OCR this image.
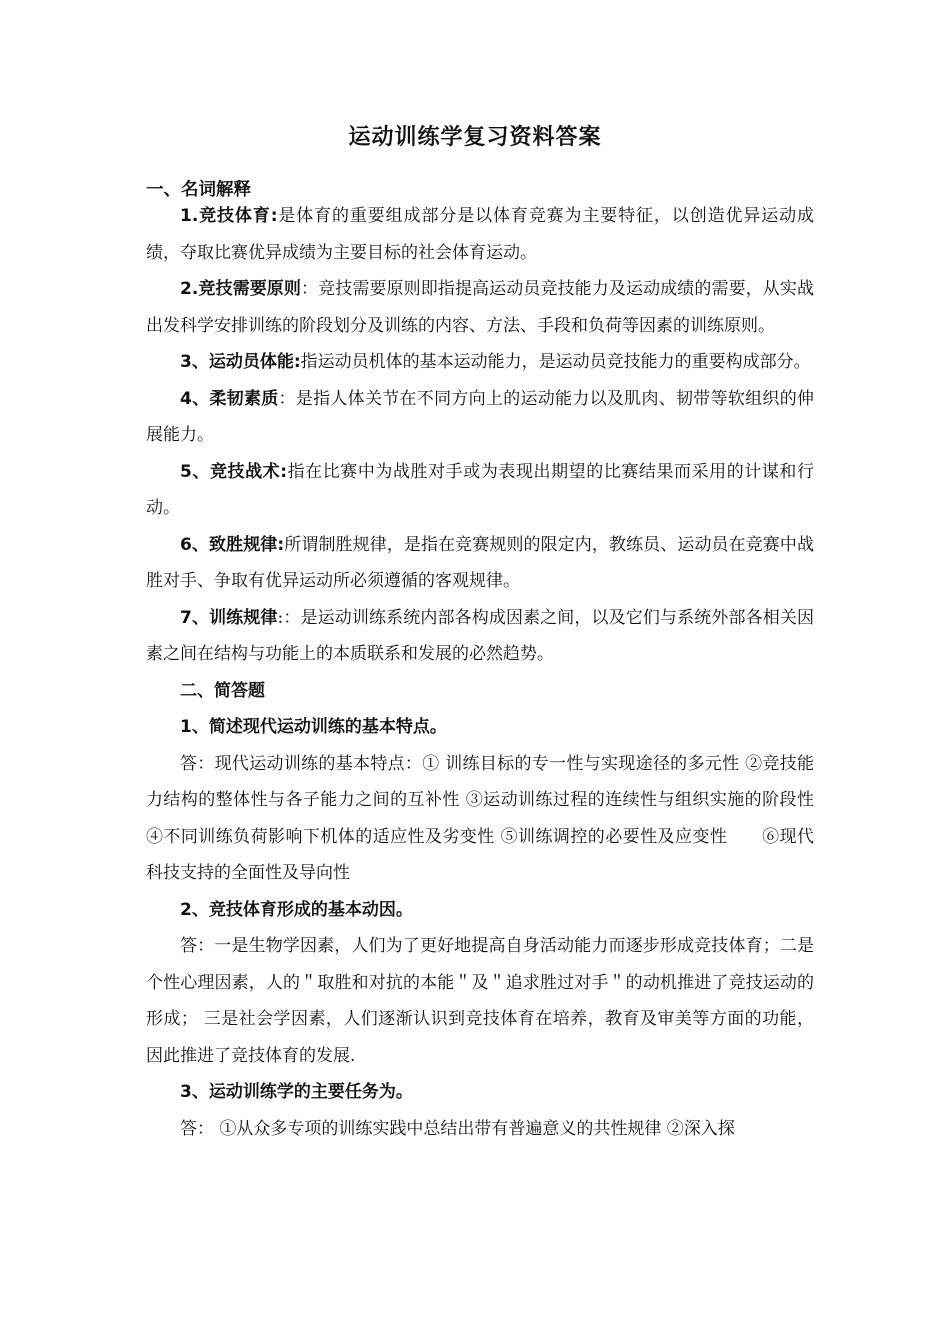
运动训练学复习资料答案
一、名词解释

1.竞技体育:是体育的重要组成部分是以体育竞赛为主要特征，以创造优异运动成绩，夺取比赛优异成绩为主要目标的社会体育运动。

2.竞技需要原则：竞技需要原则即指提高运动员竞技能力及运动成绩的需要，从实战出发科学安排训练的阶段划分及训练的内容、方法、手段和负荷等因素的训练原则。

3、运动员体能:指运动员机体的基本运动能力，是运动员竞技能力的重要构成部分。

4、柔韧素质：是指人体关节在不同方向上的运动能力以及肌肉、韧带等软组织的伸展能力。

5、竞技战术:指在比赛中为战胜对手或为表现出期望的比赛结果而采用的计谋和行动。

6、致胜规律:所谓制胜规律，是指在竞赛规则的限定内，教练员、运动员在竞赛中战胜对手、争取有优异运动所必须遵循的客观规律。

7、训练规律:：是运动训练系统内部各构成因素之间，以及它们与系统外部各相关因素之间在结构与功能上的本质联系和发展的必然趋势。

二、简答题

1、简述现代运动训练的基本特点。

答：现代运动训练的基本特点：① 训练目标的专一性与实现途径的多元性 ②竞技能力结构的整体性与各子能力之间的互补性 ③运动训练过程的连续性与组织实施的阶段性　④不同训练负荷影响下机体的适应性及劣变性 ⑤训练调控的必要性及应变性　　⑥现代科技支持的全面性及导向性

2、竞技体育形成的基本动因。

答：一是生物学因素，人们为了更好地提高自身活动能力而逐步形成竞技体育；二是个性心理因素，人的＂取胜和对抗的本能＂及＂追求胜过对手＂的动机推进了竞技运动的形成； 三是社会学因素，人们逐渐认识到竞技体育在培养，教育及审美等方面的功能，因此推进了竞技体育的发展.

3、运动训练学的主要任务为。

答： ①从众多专项的训练实践中总结出带有普遍意义的共性规律 ②深入探
